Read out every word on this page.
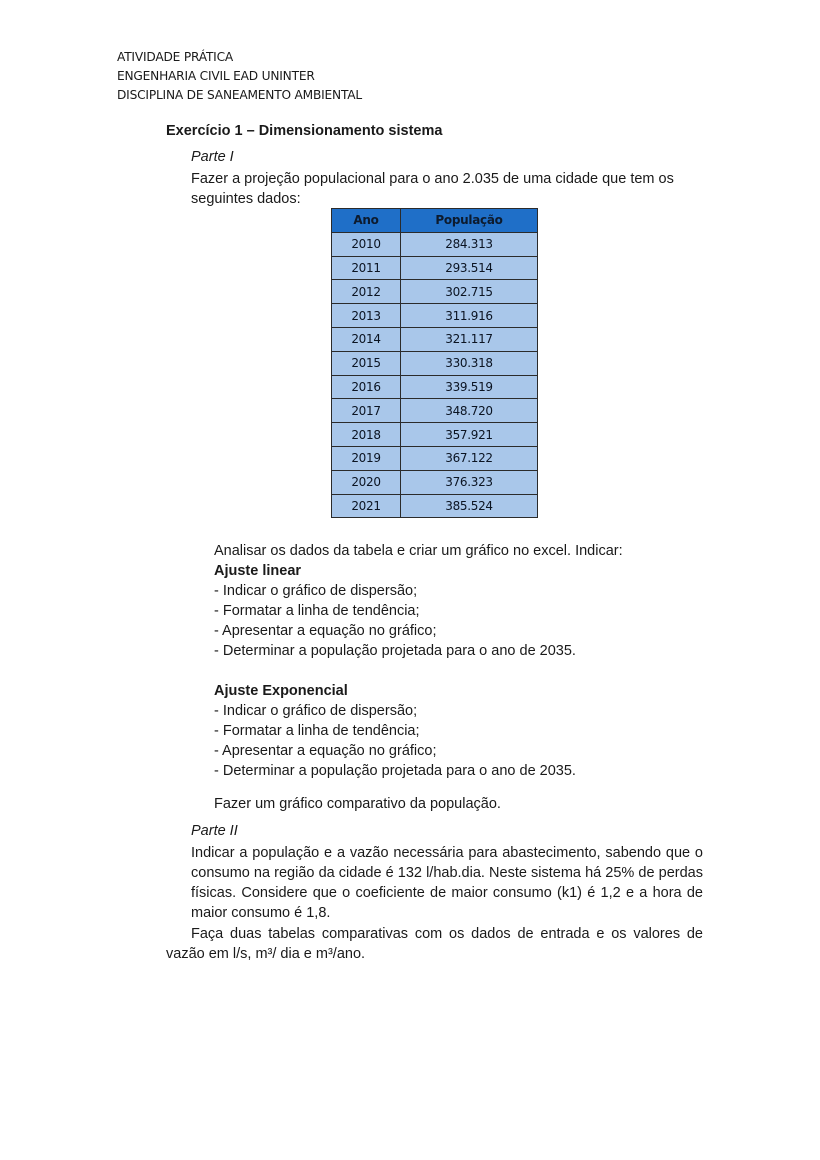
ATIVIDADE PRÁTICA
ENGENHARIA CIVIL EAD UNINTER
DISCIPLINA DE SANEAMENTO AMBIENTAL
Exercício 1 – Dimensionamento sistema
Parte I
Fazer a projeção populacional para o ano 2.035 de uma cidade que tem os seguintes dados:
Ano	População
2010	284.313
2011	293.514
2012	302.715
2013	311.916
2014	321.117
2015	330.318
2016	339.519
2017	348.720
2018	357.921
2019	367.122
2020	376.323
2021	385.524
Analisar os dados da tabela e criar um gráfico no excel. Indicar:
Ajuste linear
- Indicar o gráfico de dispersão;
- Formatar a linha de tendência;
- Apresentar a equação no gráfico;
- Determinar a população projetada para o ano de 2035.
Ajuste Exponencial
- Indicar o gráfico de dispersão;
- Formatar a linha de tendência;
- Apresentar a equação no gráfico;
- Determinar a população projetada para o ano de 2035.
Fazer um gráfico comparativo da população.
Parte II
Indicar a população e a vazão necessária para abastecimento, sabendo que o consumo na região da cidade é 132 l/hab.dia. Neste sistema há 25% de perdas físicas. Considere que o coeficiente de maior consumo (k1) é 1,2 e a hora de maior consumo é 1,8.
Faça duas tabelas comparativas com os dados de entrada e os valores de vazão em l/s, m³/ dia e m³/ano.
